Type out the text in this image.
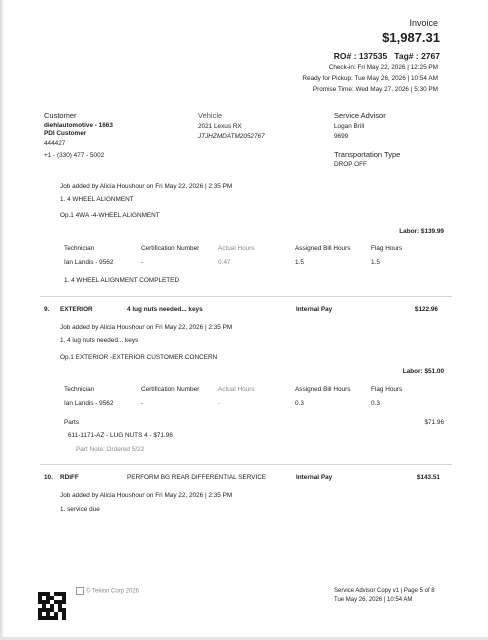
Invoice
$1,987.31
RO# : 137535 Tag# : 2767
Check-in: Fri May 22, 2026 | 12:25 PM
Ready for Pickup: Tue May 26, 2026 | 10:54 AM
Promise Time: Wed May 27, 2026 | 5:30 PM
Customer
diehlautomotive - 1663
PDI Customer
444427
+1 - (330) 477 - 5002
Vehicle
2021 Lexus RX
JTJHZMDATM2052767
Service Advisor
Logan Brill
9699
Transportation Type
DROP OFF
Job added by Alicia Houshour on Fri May 22, 2026 | 2:35 PM
1. 4 WHEEL ALIGNMENT
Op.1 4WA -4-WHEEL ALIGNMENT
Labor: $139.99
Technician	Certification Number	Actual Hours	Assigned Bill Hours	Flag Hours
Ian Landis - 9562	-	0.47	1.5	1.5
1. 4 WHEEL ALIGNMENT COMPLETED
9. EXTERIOR	4 lug nuts needed... keys	Internal Pay	$122.96
Job added by Alicia Houshour on Fri May 22, 2026 | 2:35 PM
1. 4 lug nuts needed... keys
Op.1 EXTERIOR -EXTERIOR CUSTOMER CONCERN
Labor: $51.00
Technician	Certification Number	Actual Hours	Assigned Bill Hours	Flag Hours
Ian Landis - 9562	-	-	0.3	0.3
Parts	$71.96
611-1171-AZ - LUG NUTS 4 - $71.96
Part Note: Ordered 5/22
10. RDIFF	PERFORM BG REAR DIFFERENTIAL SERVICE	Internal Pay	$143.51
Job added by Alicia Houshour on Fri May 22, 2026 | 2:35 PM
1. service due
© Tekion Corp 2026	Service Advisor Copy v1 | Page 5 of 8
Tue May 26, 2026 | 10:54 AM
